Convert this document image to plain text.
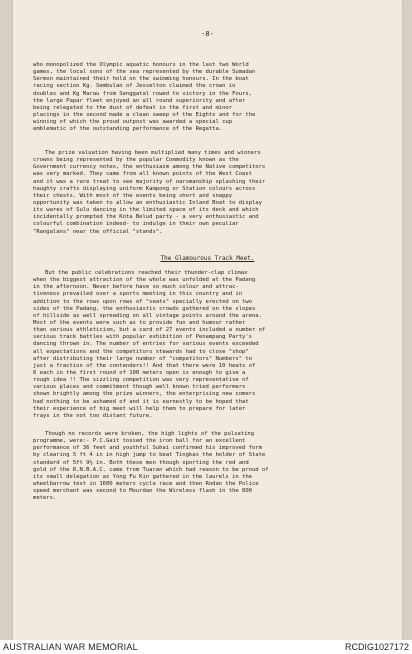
-8-
who monopolized the Olympic aquatic honours in the last two World
games, the local sons of the sea represented by the durable Sumadan
Sermon maintained their hold on the swimming honours. In the boat
racing section Kg. Sembulan of Jesselton claimed the crown in
doubles and Kg Marau from Senggatal rowed to victory in the Fours,
the large Papar fleet enjoyed an all round superiority and after
being relegated to the dust of defeat in the first and minor
placings in the second made a clean sweep of the Eights and for the
winning of which the proud outpost was awarded a special cup
emblematic of the outstanding performance of the Regatta.
The prize valuation having been multiplied many times and winners
crowns being represented by the popular Commodity known as the
Government currency notes, the enthusiasm among the Native competitors
was very marked. They came from all known points of the West Coast
and it was a rare treat to see majority of oarsmanship splashing their
haughty crafts displaying uniform Kampong or Station colours across
their chests. With most of the events being short and snappy
opportunity was taken to allow an enthusiastic Inland Boat to display
its wares of Sulu dancing in the limited space of its deck and which
incidentally prompted the Kota Belud party - a very enthusiastic and
colourful combination indeed- to indulge in their own peculiar
"Rangalans" near the official "stands".
The Glamourous Track Meet.
But the public celebrations reached their thunder-clap climax
when the biggest attraction of the whole was unfolded at the Padang
in the afternoon. Never before have so much colour and attrac-
tiveness prevailed over a sports meeting in this country and in
addition to the rows upon rows of "seats" specially erected on two
sides of the Padang, the enthusiastic crowds gathered on the slopes
of hillside as well spreading on all vintage points around the arena.
Most of the events were such as to provide fun and humour rather
than serious athleticism, but a card of 27 events included a number of
serious track battles with popular exhibition of Penampang Party's
dancing thrown in. The number of entries for various events exceeded
all expectations and the competitors stewards had to close "shop"
after distributing their large number of "competitors" Numbers" to
just a fraction of the contenders!! And that there were 10 heats of
6 each in the first round of 100 meters open is enough to give a
rough idea !! The sizzling competition was very representative of
various places and commitment though well known tried performers
shown brightly among the prize winners, the enterprising new comers
had nothing to be ashamed of and it is earnestly to be hoped that
their experience of big meet will help them to prepare for later
frays in the not too distant future.
Though no records were broken, the high lights of the pulsating
programme, were:- P.C.Gait tossed the iron ball for an excellent
performance of 36 feet and youthful Suhai confirmed his improved form
by clearing 5 ft 4 in in high jump to beat Tingkas the holder of State
standard of 5ft 9½ in. Both these men though sporting the red and
gold of the R.N.B.A.C. came from Tuaran which had reason to be proud of
its small delegation as Yong Fu Kin gathered in the laurels in the
wheelbarrow test in 1600 meters cycle race and then Rodan the Police
speed merchant was second to Mourdan the Wireless flash in the 800
meters.
AUSTRALIAN WAR MEMORIAL	RCDIG1027172
